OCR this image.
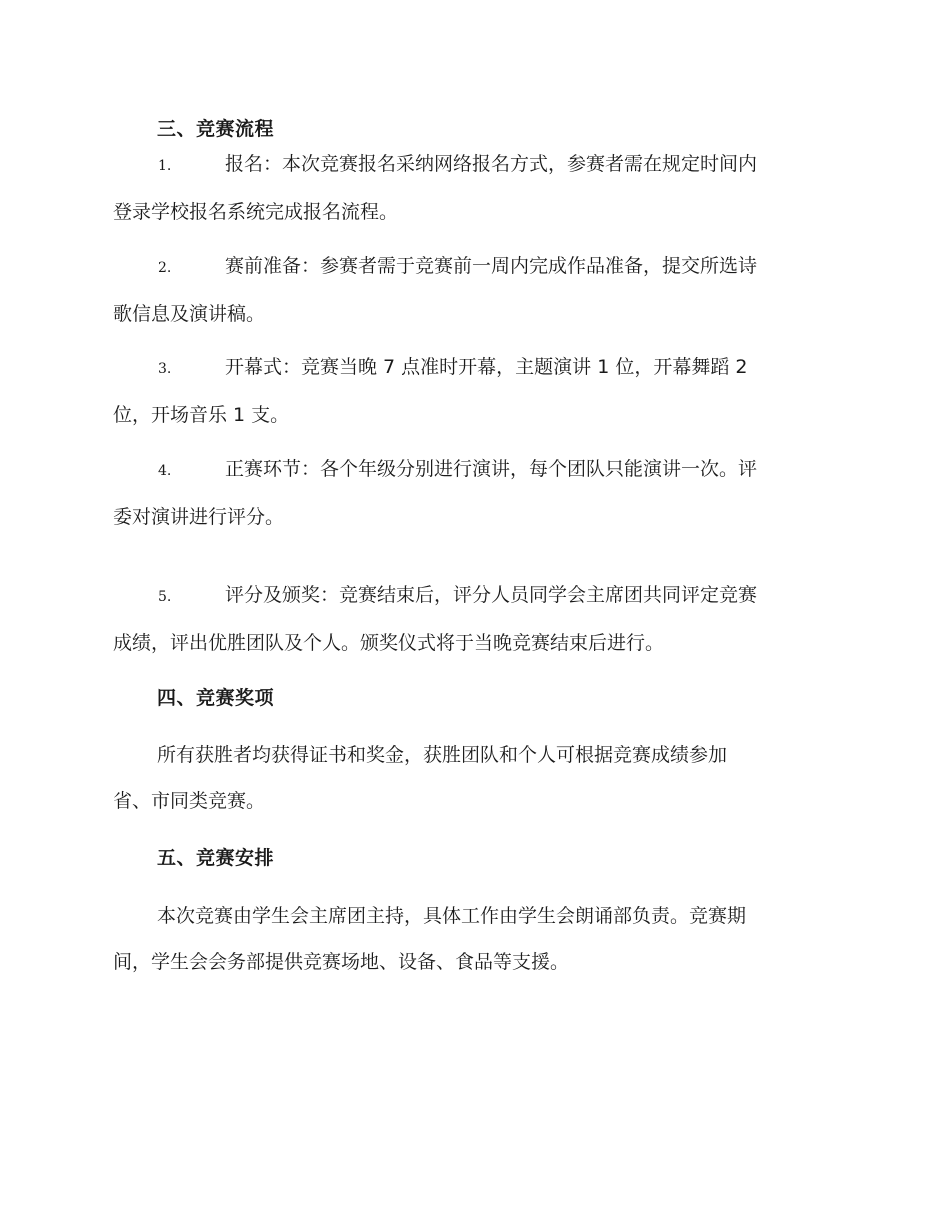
三、竞赛流程
1.	报名：本次竞赛报名采纳网络报名方式，参赛者需在规定时间内
登录学校报名系统完成报名流程。
2.	赛前准备：参赛者需于竞赛前一周内完成作品准备，提交所选诗
歌信息及演讲稿。
3.	开幕式：竞赛当晚 7 点准时开幕，主题演讲 1 位，开幕舞蹈 2
位，开场音乐 1 支。
4.	正赛环节：各个年级分别进行演讲，每个团队只能演讲一次。评
委对演讲进行评分。
5.	评分及颁奖：竞赛结束后，评分人员同学会主席团共同评定竞赛
成绩，评出优胜团队及个人。颁奖仪式将于当晚竞赛结束后进行。
四、竞赛奖项
所有获胜者均获得证书和奖金，获胜团队和个人可根据竞赛成绩参加
省、市同类竞赛。
五、竞赛安排
本次竞赛由学生会主席团主持，具体工作由学生会朗诵部负责。竞赛期
间，学生会会务部提供竞赛场地、设备、食品等支援。
